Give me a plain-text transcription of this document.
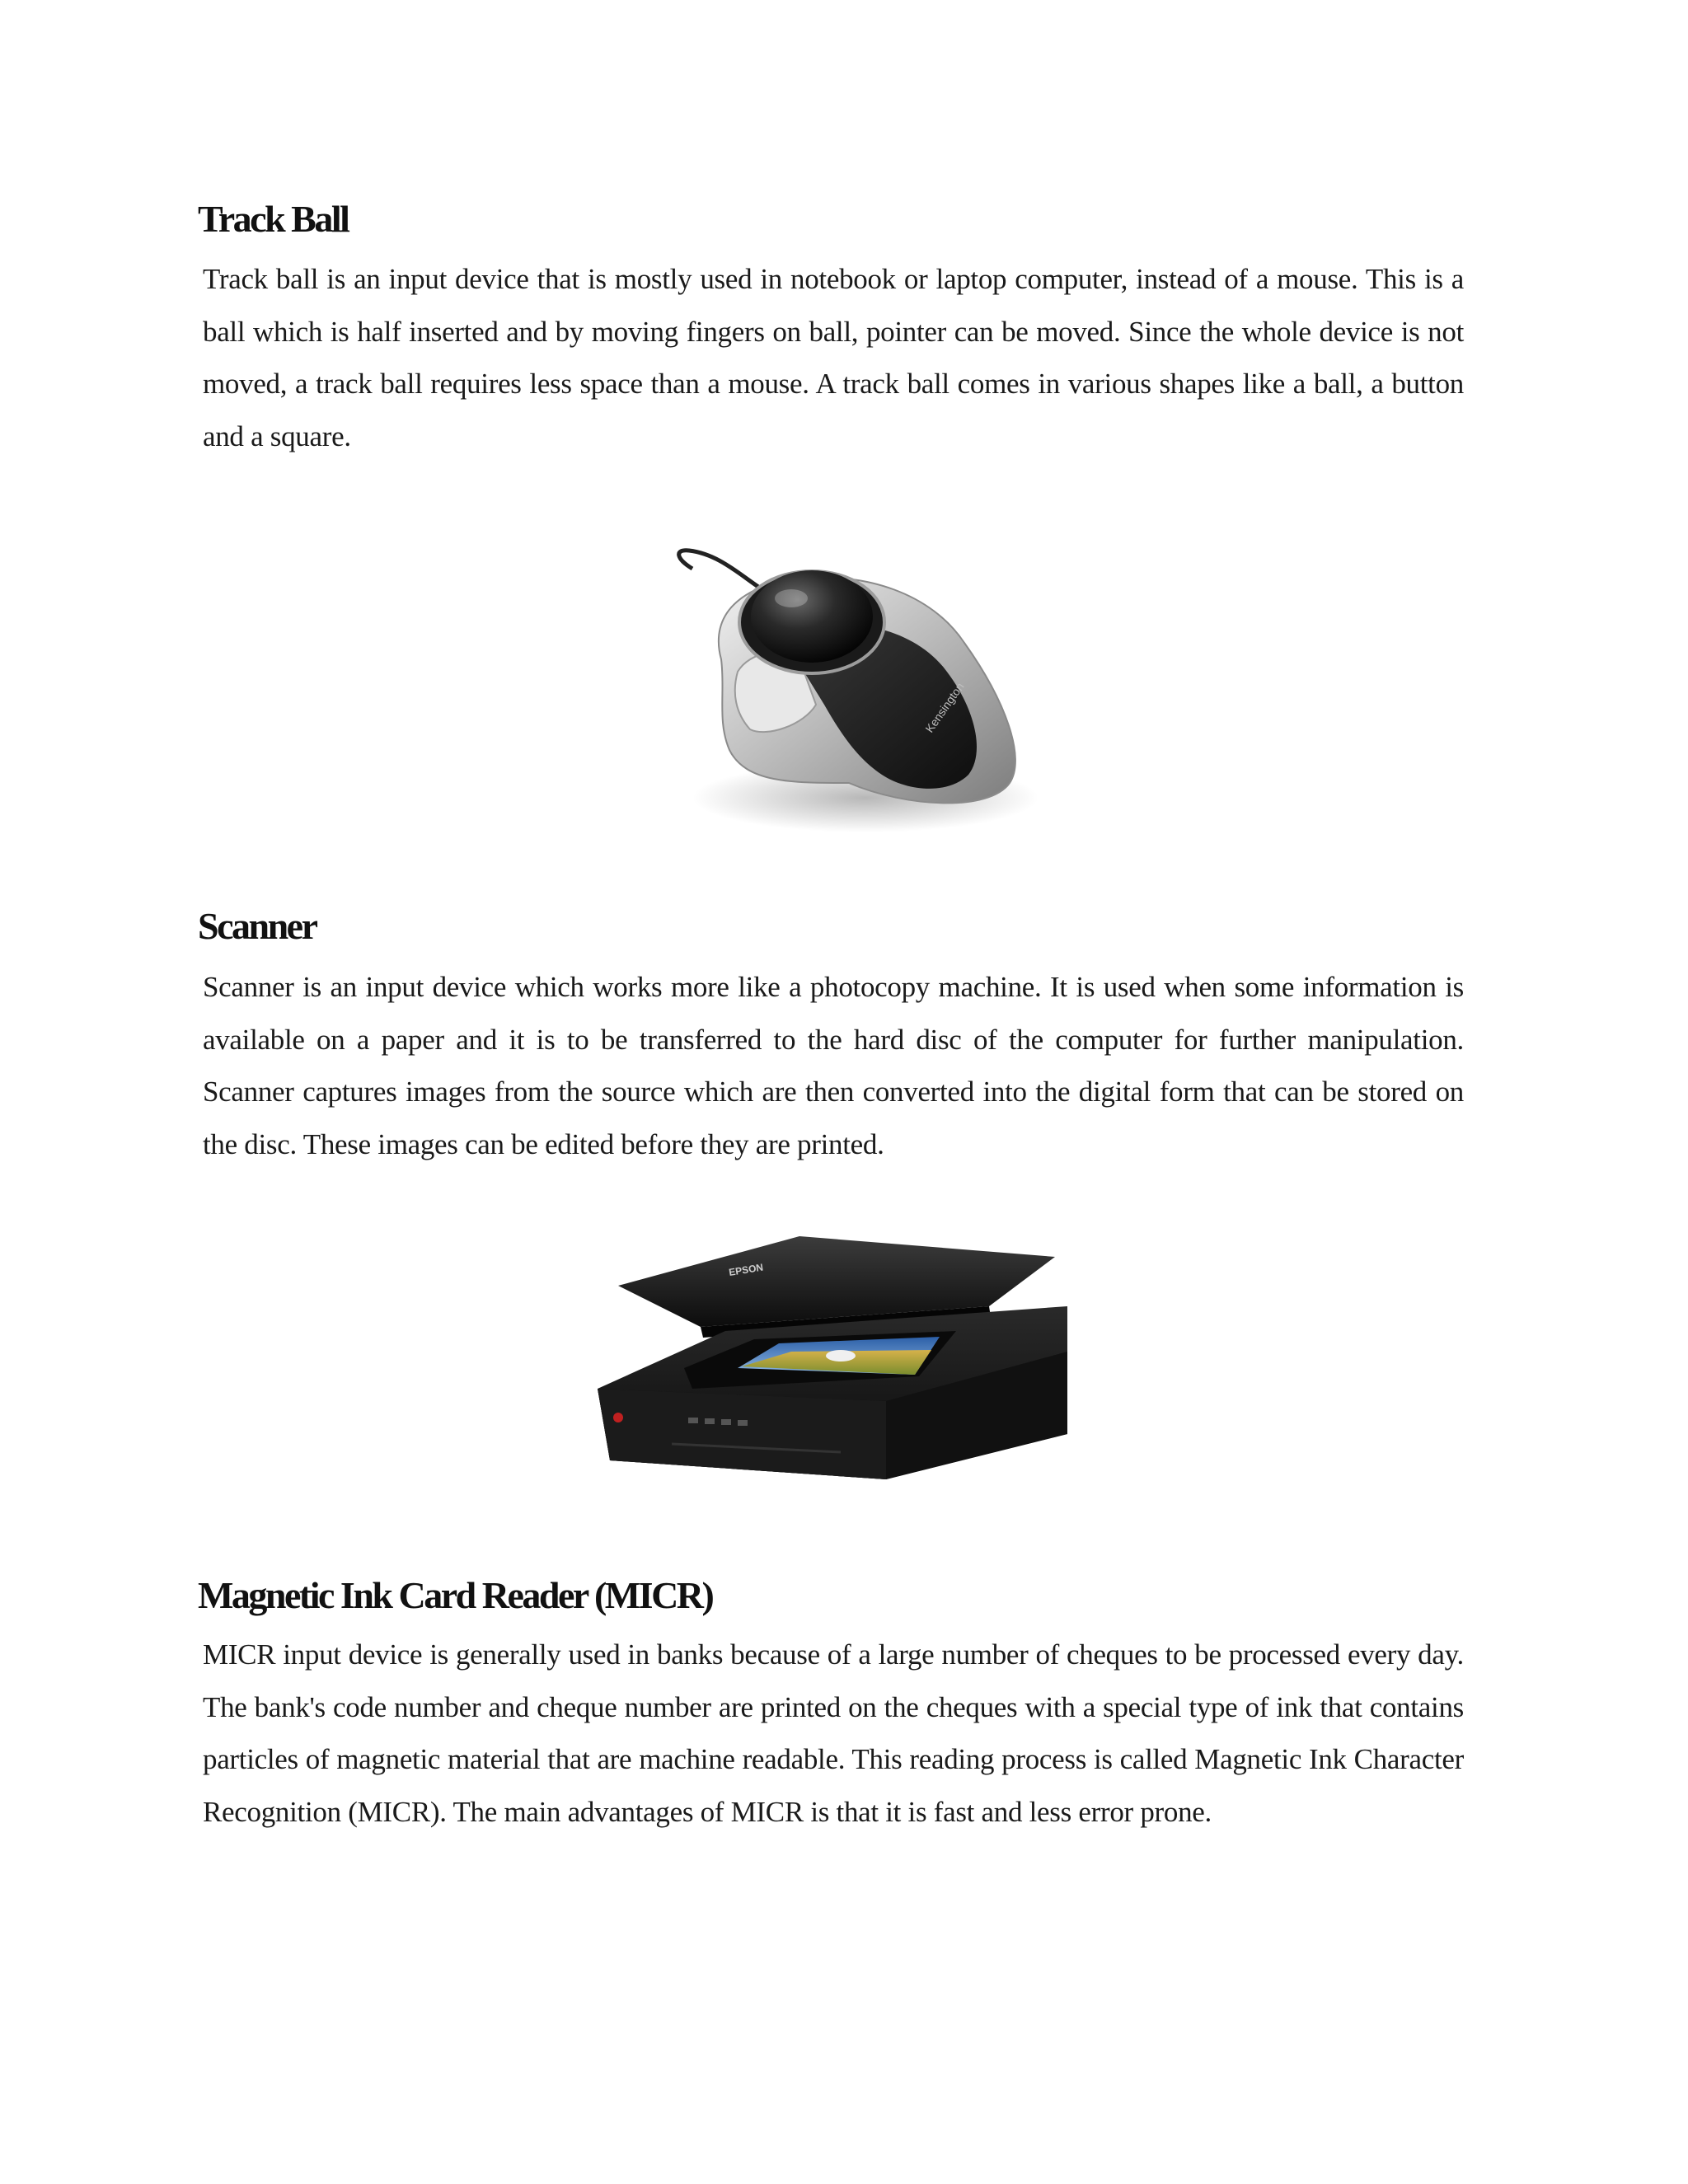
Track Ball

Track ball is an input device that is mostly used in notebook or laptop computer, instead of a mouse. This is a ball which is half inserted and by moving fingers on ball, pointer can be moved. Since the whole device is not moved, a track ball requires less space than a mouse. A track ball comes in various shapes like a ball, a button and a square.

Kensington
Scanner

Scanner is an input device which works more like a photocopy machine. It is used when some information is available on a paper and it is to be transferred to the hard disc of the computer for further manipulation. Scanner captures images from the source which are then converted into the digital form that can be stored on the disc. These images can be edited before they are printed.

EPSON
Magnetic Ink Card Reader (MICR)

MICR input device is generally used in banks because of a large number of cheques to be processed every day. The bank's code number and cheque number are printed on the cheques with a special type of ink that contains particles of magnetic material that are machine readable. This reading process is called Magnetic Ink Character Recognition (MICR). The main advantages of MICR is that it is fast and less error prone.
